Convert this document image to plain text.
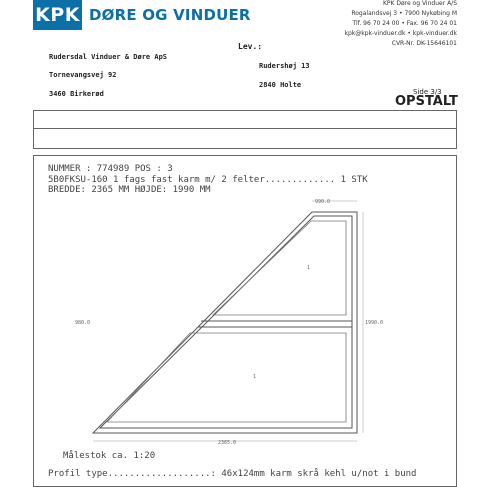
KPK DØRE OG VINDUER
KPK Døre og Vinduer A/S
Rogalandsvej 3 • 7900 Nykøbing M
Tlf. 96 70 24 00 • Fax. 96 70 24 01
kpk@kpk-vinduer.dk • kpk-vinduer.dk
CVR-Nr. DK-15646101
Rudersdal Vinduer & Døre ApS
Tornevangsvej 92
3460 Birkerød
Lev.:
Rudershøj 13
2840 Holte
Side 3/3
OPSTALT
NUMMER : 774989 POS : 3
5B0FKSU-160 1 fags fast karm m/ 2 felter............. 1 STK
BREDDE: 2365 MM HØJDE: 1990 MM
990.0
980.0	1990.0
2365.0
1
1
Målestok ca. 1:20
Profil type...................: 46x124mm karm skrå kehl u/not i bund
